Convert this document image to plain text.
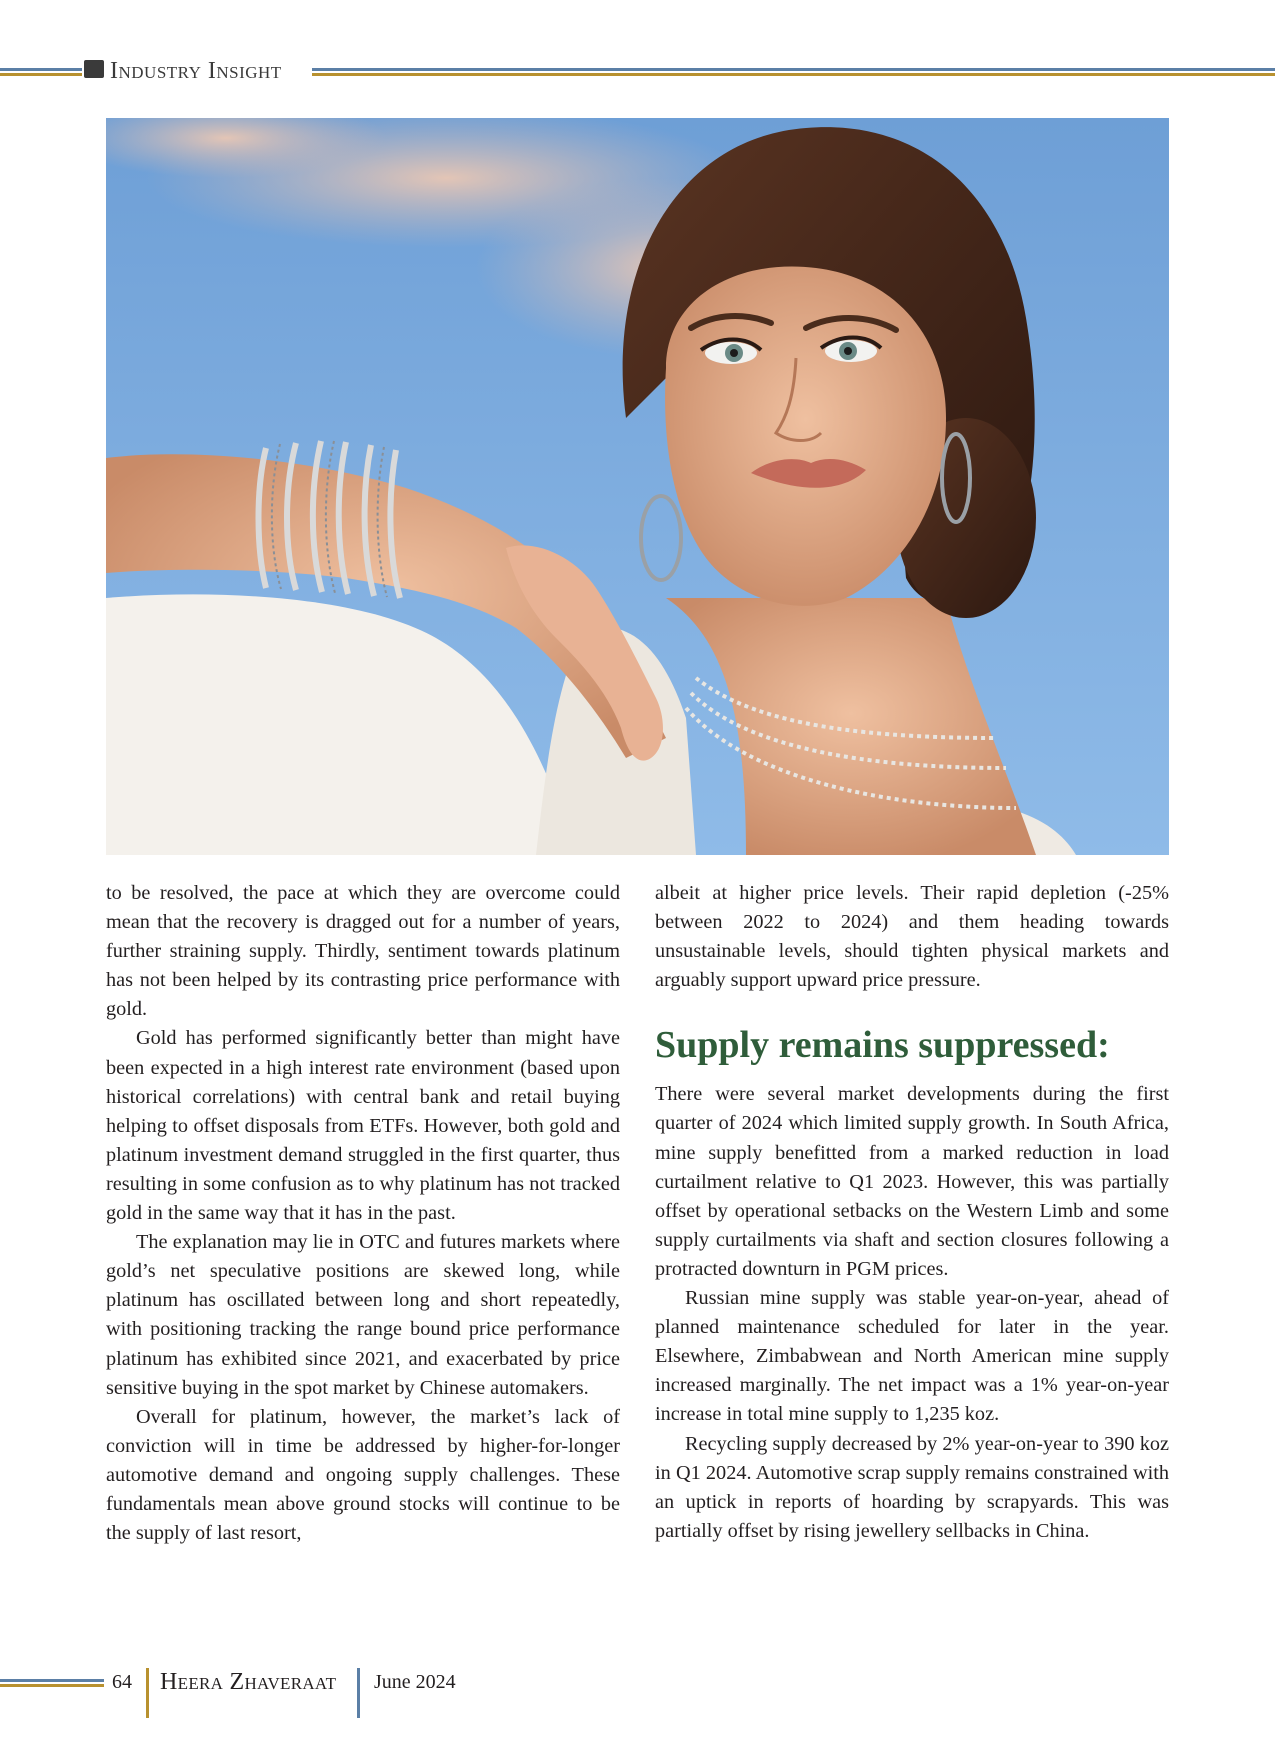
Industry Insight

to be resolved, the pace at which they are overcome could mean that the recovery is dragged out for a number of years, further straining supply. Thirdly, sentiment towards platinum has not been helped by its contrasting price performance with gold.

Gold has performed significantly better than might have been expected in a high interest rate environment (based upon historical correlations) with central bank and retail buying helping to offset disposals from ETFs. However, both gold and platinum investment demand struggled in the first quarter, thus resulting in some confusion as to why platinum has not tracked gold in the same way that it has in the past.

The explanation may lie in OTC and futures markets where gold’s net speculative positions are skewed long, while platinum has oscillated between long and short repeatedly, with positioning tracking the range bound price performance platinum has exhibited since 2021, and exacerbated by price sensitive buying in the spot market by Chinese automakers.

Overall for platinum, however, the market’s lack of conviction will in time be addressed by higher-for-longer automotive demand and ongoing supply challenges. These fundamentals mean above ground stocks will continue to be the supply of last resort,

albeit at higher price levels. Their rapid depletion (-25% between 2022 to 2024) and them heading towards unsustainable levels, should tighten physical markets and arguably support upward price pressure.

Supply remains suppressed:

There were several market developments during the first quarter of 2024 which limited supply growth. In South Africa, mine supply benefitted from a marked reduction in load curtailment relative to Q1 2023. However, this was partially offset by operational setbacks on the Western Limb and some supply curtailments via shaft and section closures following a protracted downturn in PGM prices.

Russian mine supply was stable year-on-year, ahead of planned maintenance scheduled for later in the year. Elsewhere, Zimbabwean and North American mine supply increased marginally. The net impact was a 1% year-on-year increase in total mine supply to 1,235 koz.

Recycling supply decreased by 2% year-on-year to 390 koz in Q1 2024. Automotive scrap supply remains constrained with an uptick in reports of hoarding by scrapyards. This was partially offset by rising jewellery sellbacks in China.

64 Heera Zhaveraat June 2024
